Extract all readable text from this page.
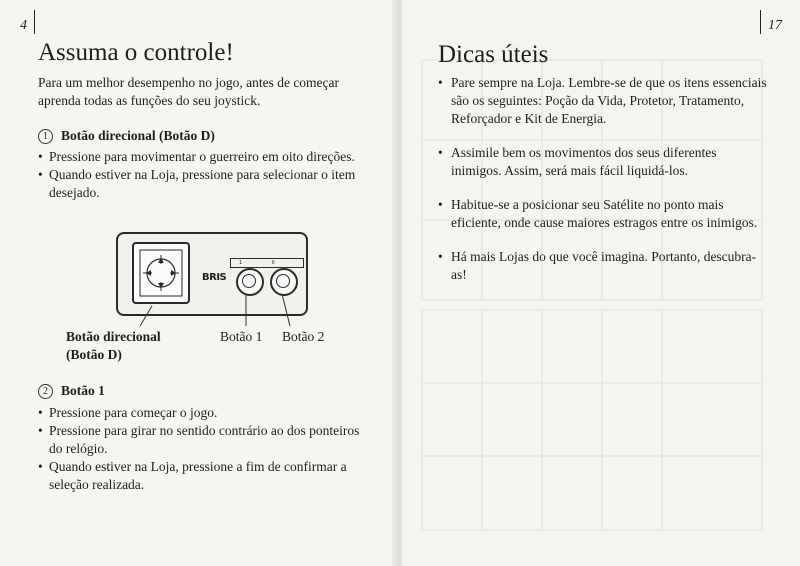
4
Assuma o controle!

Para um melhor desempenho no jogo, antes de começar aprenda todas as funções do seu joystick.

1 Botão direcional (Botão D)
• Pressione para movimentar o guerreiro em oito direções.
• Quando estiver na Loja, pressione para selecionar o item desejado.
BRIS
1	II
Botão direcional
(Botão D)
Botão 1 Botão 2
2 Botão 1
• Pressione para começar o jogo.
• Pressione para girar no sentido contrário ao dos ponteiros do relógio.
• Quando estiver na Loja, pressione a fim de confirmar a seleção realizada.
17
Dicas úteis
• Pare sempre na Loja. Lembre-se de que os itens essenciais são os seguintes: Poção da Vida, Protetor, Tratamento, Reforçador e Kit de Energia.
• Assimile bem os movimentos dos seus diferentes inimigos. Assim, será mais fácil liquidá-los.
• Habitue-se a posicionar seu Satélite no ponto mais eficiente, onde cause maiores estragos entre os inimigos.
• Há mais Lojas do que você imagina. Portanto, descubra-as!
